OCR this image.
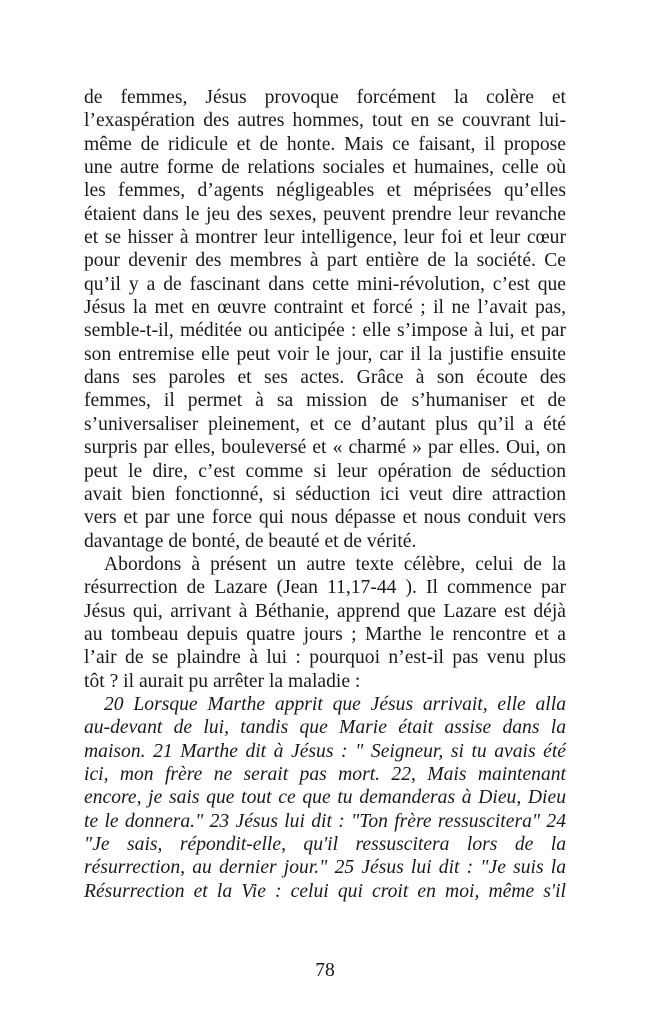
de femmes, Jésus provoque forcément la colère et
l’exaspération des autres hommes, tout en se couvrant lui-
même de ridicule et de honte. Mais ce faisant, il propose
une autre forme de relations sociales et humaines, celle où
les femmes, d’agents négligeables et méprisées qu’elles
étaient dans le jeu des sexes, peuvent prendre leur revanche
et se hisser à montrer leur intelligence, leur foi et leur cœur
pour devenir des membres à part entière de la société. Ce
qu’il y a de fascinant dans cette mini-révolution, c’est que
Jésus la met en œuvre contraint et forcé ; il ne l’avait pas,
semble-t-il, méditée ou anticipée : elle s’impose à lui, et par
son entremise elle peut voir le jour, car il la justifie ensuite
dans ses paroles et ses actes. Grâce à son écoute des
femmes, il permet à sa mission de s’humaniser et de
s’universaliser pleinement, et ce d’autant plus qu’il a été
surpris par elles, bouleversé et « charmé » par elles. Oui, on
peut le dire, c’est comme si leur opération de séduction
avait bien fonctionné, si séduction ici veut dire attraction
vers et par une force qui nous dépasse et nous conduit vers
davantage de bonté, de beauté et de vérité.
Abordons à présent un autre texte célèbre, celui de la
résurrection de Lazare (Jean 11,17-44 ). Il commence par
Jésus qui, arrivant à Béthanie, apprend que Lazare est déjà
au tombeau depuis quatre jours ; Marthe le rencontre et a
l’air de se plaindre à lui : pourquoi n’est-il pas venu plus
tôt ? il aurait pu arrêter la maladie :
20 Lorsque Marthe apprit que Jésus arrivait, elle alla
au-devant de lui, tandis que Marie était assise dans la
maison. 21 Marthe dit à Jésus : " Seigneur, si tu avais été
ici, mon frère ne serait pas mort. 22, Mais maintenant
encore, je sais que tout ce que tu demanderas à Dieu, Dieu
te le donnera." 23 Jésus lui dit : "Ton frère ressuscitera" 24
"Je sais, répondit-elle, qu'il ressuscitera lors de la
résurrection, au dernier jour." 25 Jésus lui dit : "Je suis la
Résurrection et la Vie : celui qui croit en moi, même s'il
78
